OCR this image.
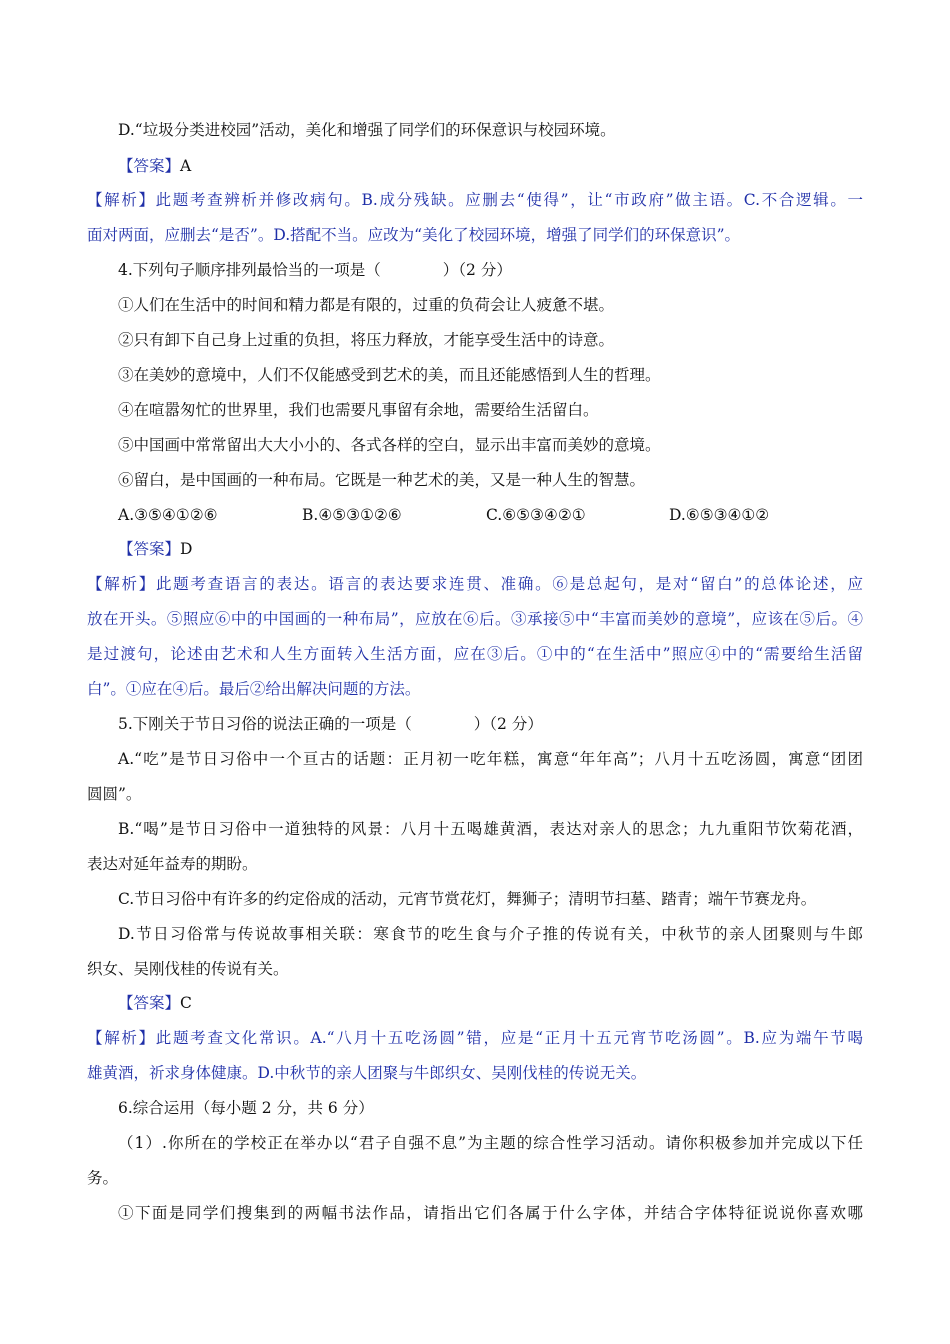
D.“垃圾分类进校园”活动，美化和增强了同学们的环保意识与校园环境。
【答案】A
【解析】此题考查辨析并修改病句。B.成分残缺。应删去“使得”，让“市政府”做主语。C.不合逻辑。一
面对两面，应删去“是否”。D.搭配不当。应改为“美化了校园环境，增强了同学们的环保意识”。
4.下列句子顺序排列最恰当的一项是（　　　　）（2 分）
①人们在生活中的时间和精力都是有限的，过重的负荷会让人疲惫不堪。
②只有卸下自己身上过重的负担，将压力释放，才能享受生活中的诗意。
③在美妙的意境中，人们不仅能感受到艺术的美，而且还能感悟到人生的哲理。
④在喧嚣匆忙的世界里，我们也需要凡事留有余地，需要给生活留白。
⑤中国画中常常留出大大小小的、各式各样的空白，显示出丰富而美妙的意境。
⑥留白，是中国画的一种布局。它既是一种艺术的美，又是一种人生的智慧。
A.③⑤④①②⑥	B.④⑤③①②⑥	C.⑥⑤③④②①	D.⑥⑤③④①②
【答案】D
【解析】此题考查语言的表达。语言的表达要求连贯、准确。⑥是总起句，是对“留白”的总体论述，应
放在开头。⑤照应⑥中的中国画的一种布局”，应放在⑥后。③承接⑤中“丰富而美妙的意境”，应该在⑤后。④
是过渡句，论述由艺术和人生方面转入生活方面，应在③后。①中的“在生活中”照应④中的“需要给生活留
白”。①应在④后。最后②给出解决问题的方法。
5.下刚关于节日习俗的说法正确的一项是（　　　　）（2 分）
A.“吃”是节日习俗中一个亘古的话题：正月初一吃年糕，寓意“年年高”；八月十五吃汤圆，寓意“团团
圆圆”。
B.“喝”是节日习俗中一道独特的风景：八月十五喝雄黄酒，表达对亲人的思念；九九重阳节饮菊花酒，
表达对延年益寿的期盼。
C.节日习俗中有许多的约定俗成的活动，元宵节赏花灯，舞狮子；清明节扫墓、踏青；端午节赛龙舟。
D.节日习俗常与传说故事相关联：寒食节的吃生食与介子推的传说有关，中秋节的亲人团聚则与牛郎
织女、吴刚伐桂的传说有关。
【答案】C
【解析】此题考查文化常识。A.“八月十五吃汤圆”错，应是“正月十五元宵节吃汤圆”。B.应为端午节喝
雄黄酒，祈求身体健康。D.中秋节的亲人团聚与牛郎织女、吴刚伐桂的传说无关。
6.综合运用（每小题 2 分，共 6 分）
（1）.你所在的学校正在举办以“君子自强不息”为主题的综合性学习活动。请你积极参加并完成以下任
务。
①下面是同学们搜集到的两幅书法作品，请指出它们各属于什么字体，并结合字体特征说说你喜欢哪
